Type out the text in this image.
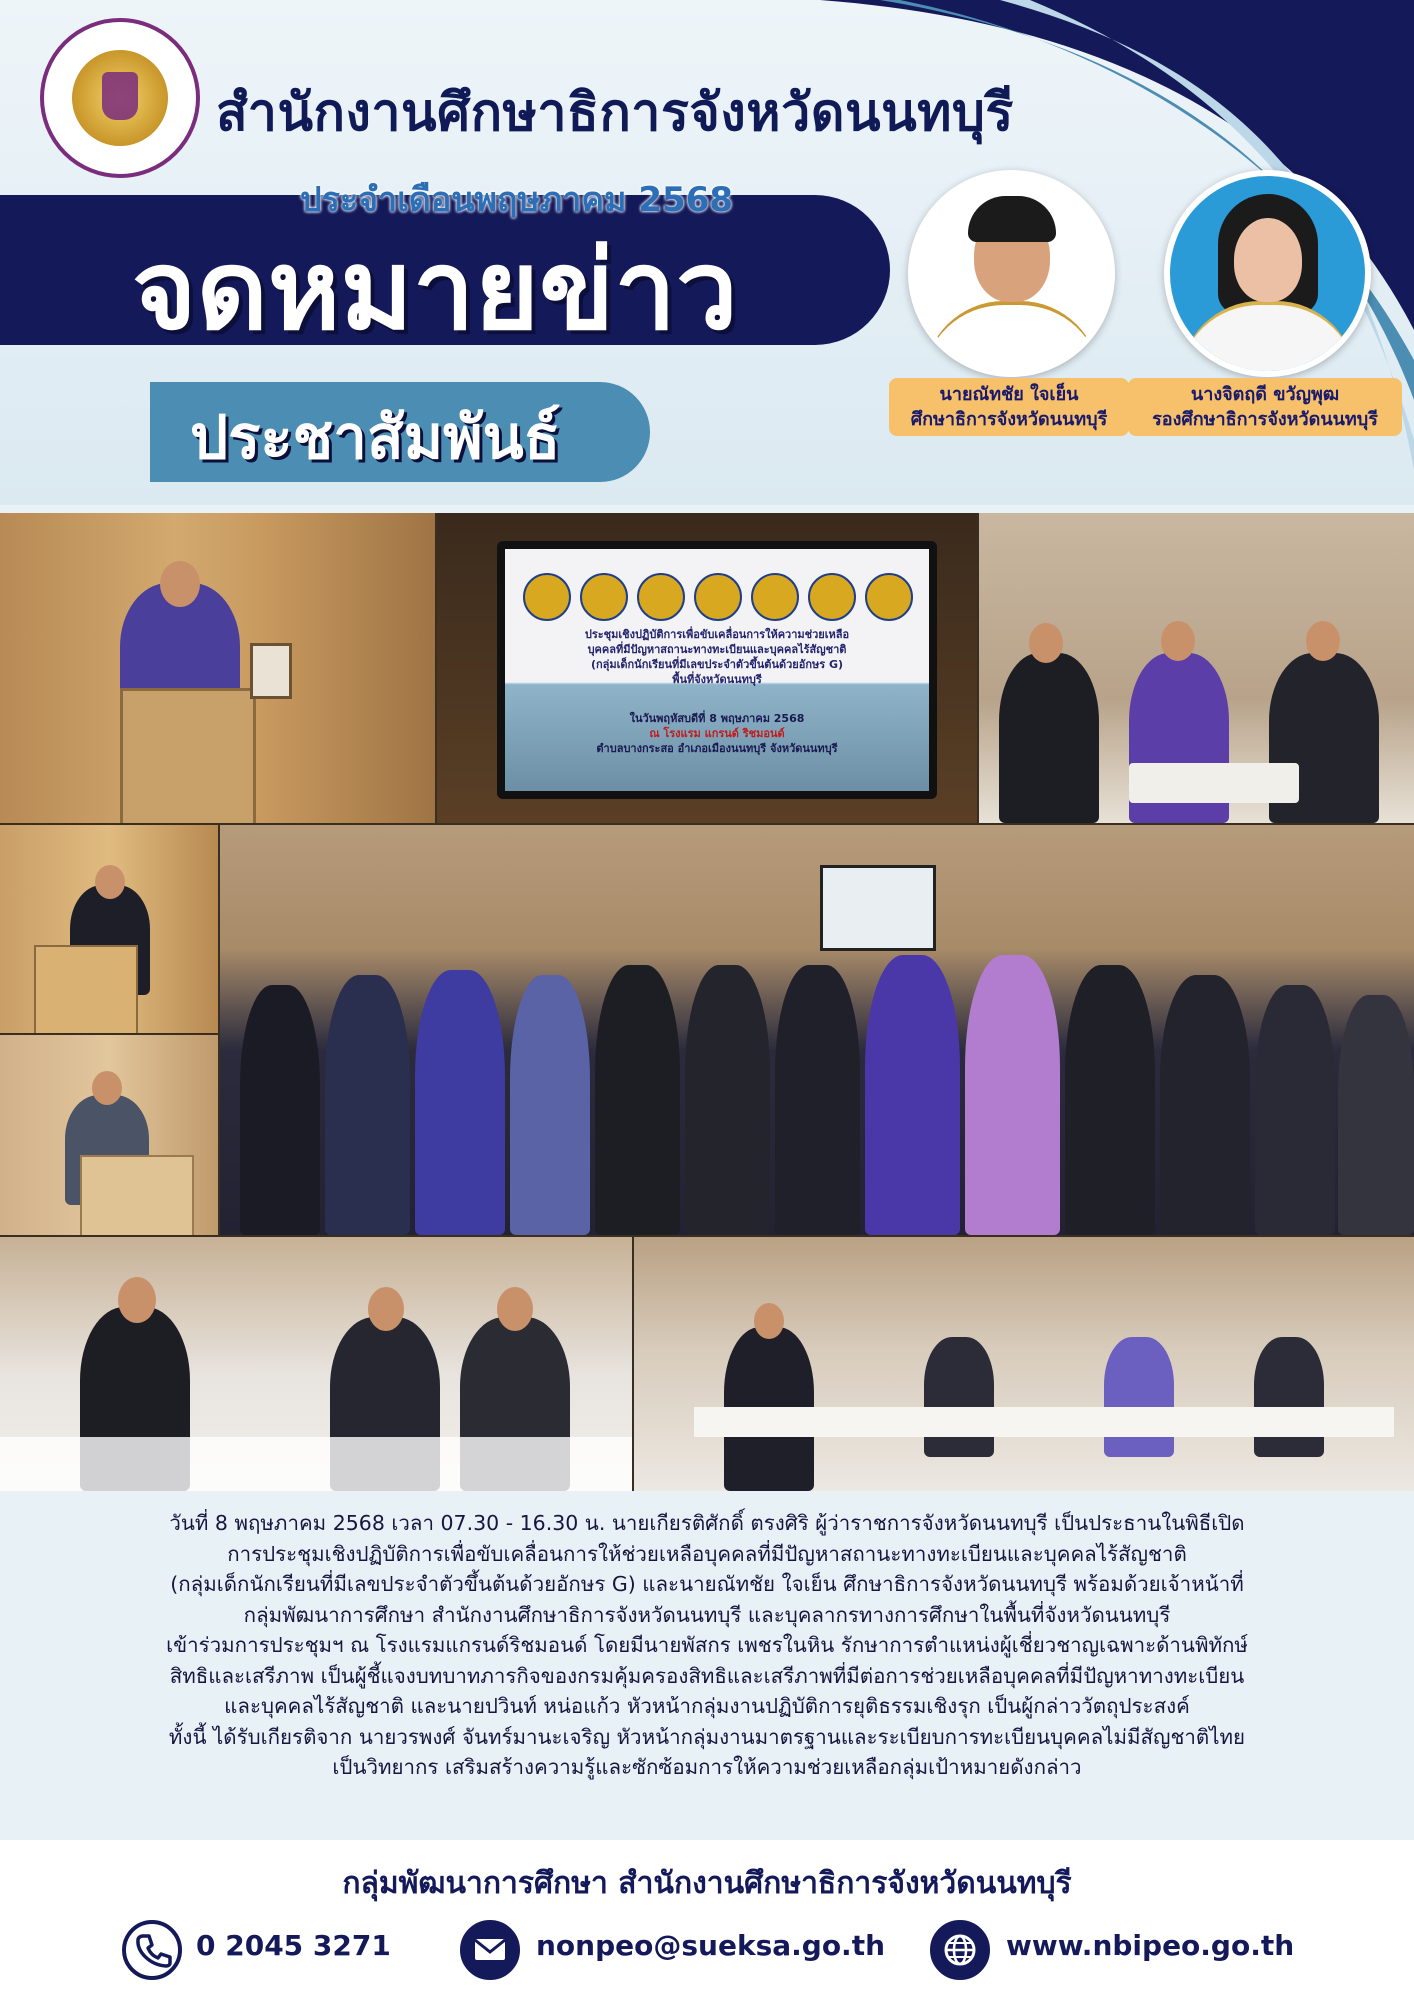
สำนักงานศึกษาธิการจังหวัดนนทบุรี
ประจำเดือนพฤษภาคม 2568
จดหมายข่าว
ประชาสัมพันธ์
นายณัทชัย ใจเย็น
ศึกษาธิการจังหวัดนนทบุรี
นางจิตฤดี ขวัญพุฒ
รองศึกษาธิการจังหวัดนนทบุรี
ประชุมเชิงปฏิบัติการเพื่อขับเคลื่อนการให้ความช่วยเหลือ
บุคคลที่มีปัญหาสถานะทางทะเบียนและบุคคลไร้สัญชาติ
(กลุ่มเด็กนักเรียนที่มีเลขประจำตัวขึ้นต้นด้วยอักษร G)
พื้นที่จังหวัดนนทบุรี
ในวันพฤหัสบดีที่ 8 พฤษภาคม 2568
ณ โรงแรม แกรนด์ ริชมอนด์
ตำบลบางกระสอ อำเภอเมืองนนทบุรี จังหวัดนนทบุรี
วันที่ 8 พฤษภาคม 2568 เวลา 07.30 - 16.30 น. นายเกียรติศักดิ์ ตรงศิริ ผู้ว่าราชการจังหวัดนนทบุรี เป็นประธานในพิธีเปิด
การประชุมเชิงปฏิบัติการเพื่อขับเคลื่อนการให้ช่วยเหลือบุคคลที่มีปัญหาสถานะทางทะเบียนและบุคคลไร้สัญชาติ
(กลุ่มเด็กนักเรียนที่มีเลขประจำตัวขึ้นต้นด้วยอักษร G) และนายณัทชัย ใจเย็น ศึกษาธิการจังหวัดนนทบุรี พร้อมด้วยเจ้าหน้าที่
กลุ่มพัฒนาการศึกษา สำนักงานศึกษาธิการจังหวัดนนทบุรี และบุคลากรทางการศึกษาในพื้นที่จังหวัดนนทบุรี
เข้าร่วมการประชุมฯ ณ โรงแรมแกรนด์ริชมอนด์ โดยมีนายพัสกร เพชรในหิน รักษาการตำแหน่งผู้เชี่ยวชาญเฉพาะด้านพิทักษ์
สิทธิและเสรีภาพ เป็นผู้ชี้แจงบทบาทภารกิจของกรมคุ้มครองสิทธิและเสรีภาพที่มีต่อการช่วยเหลือบุคคลที่มีปัญหาทางทะเบียน
และบุคคลไร้สัญชาติ และนายปวินท์ หน่อแก้ว หัวหน้ากลุ่มงานปฏิบัติการยุติธรรมเชิงรุก เป็นผู้กล่าววัตถุประสงค์
ทั้งนี้ ได้รับเกียรติจาก นายวรพงศ์ จันทร์มานะเจริญ หัวหน้ากลุ่มงานมาตรฐานและระเบียบการทะเบียนบุคคลไม่มีสัญชาติไทย
เป็นวิทยากร เสริมสร้างความรู้และซักซ้อมการให้ความช่วยเหลือกลุ่มเป้าหมายดังกล่าว
กลุ่มพัฒนาการศึกษา สำนักงานศึกษาธิการจังหวัดนนทบุรี
0 2045 3271	nonpeo@sueksa.go.th	www.nbipeo.go.th
